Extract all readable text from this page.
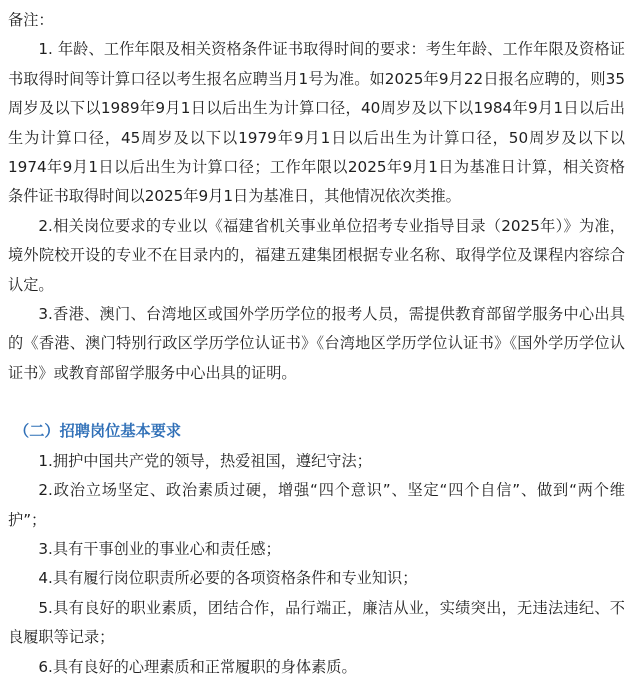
备注：

1. 年龄、工作年限及相关资格条件证书取得时间的要求：考生年龄、工作年限及资格证书取得时间等计算口径以考生报名应聘当月1号为准。如2025年9月22日报名应聘的，则35周岁及以下以1989年9月1日以后出生为计算口径，40周岁及以下以1984年9月1日以后出生为计算口径，45周岁及以下以1979年9月1日以后出生为计算口径，50周岁及以下以1974年9月1日以后出生为计算口径；工作年限以2025年9月1日为基准日计算，相关资格条件证书取得时间以2025年9月1日为基准日，其他情况依次类推。

2.相关岗位要求的专业以《福建省机关事业单位招考专业指导目录（2025年）》为准，境外院校开设的专业不在目录内的，福建五建集团根据专业名称、取得学位及课程内容综合认定。

3.香港、澳门、台湾地区或国外学历学位的报考人员，需提供教育部留学服务中心出具的《香港、澳门特别行政区学历学位认证书》《台湾地区学历学位认证书》《国外学历学位认证书》或教育部留学服务中心出具的证明。

（二）招聘岗位基本要求

1.拥护中国共产党的领导，热爱祖国，遵纪守法；

2.政治立场坚定、政治素质过硬，增强“四个意识”、坚定“四个自信”、做到“两个维护”；

3.具有干事创业的事业心和责任感；

4.具有履行岗位职责所必要的各项资格条件和专业知识；

5.具有良好的职业素质，团结合作，品行端正，廉洁从业，实绩突出，无违法违纪、不良履职等记录；

6.具有良好的心理素质和正常履职的身体素质。
